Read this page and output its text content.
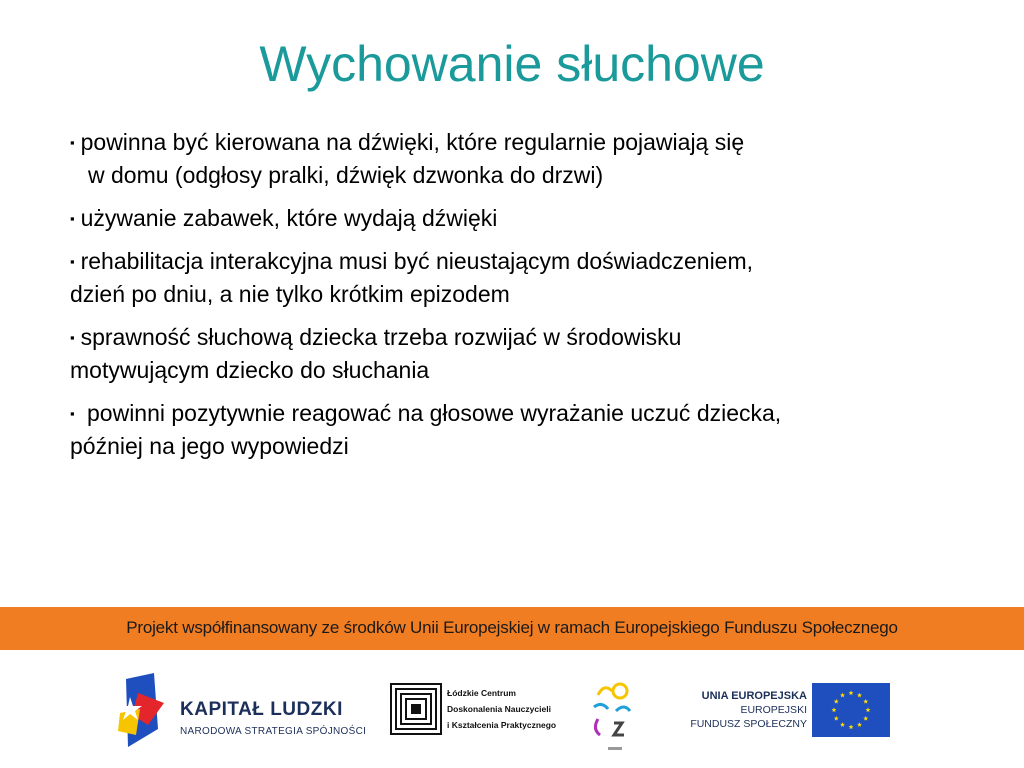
Wychowanie słuchowe
▪ powinna być kierowana na dźwięki, które regularnie pojawiają się
w domu (odgłosy pralki, dźwięk dzwonka do drzwi)
▪ używanie zabawek, które wydają dźwięki
▪ rehabilitacja interakcyjna musi być nieustającym doświadczeniem,
dzień po dniu, a nie tylko krótkim epizodem
▪ sprawność słuchową dziecka trzeba rozwijać w środowisku
motywującym dziecko do słuchania
▪ powinni pozytywnie reagować na głosowe wyrażanie uczuć dziecka,
później na jego wypowiedzi
Projekt współfinansowany ze środków Unii Europejskiej w ramach Europejskiego Funduszu Społecznego
KAPITAŁ LUDZKI
NARODOWA STRATEGIA SPÓJNOŚCI
Łódzkie Centrum
Doskonalenia Nauczycieli
i Kształcenia Praktycznego
UNIA EUROPEJSKA
EUROPEJSKI
FUNDUSZ SPOŁECZNY
